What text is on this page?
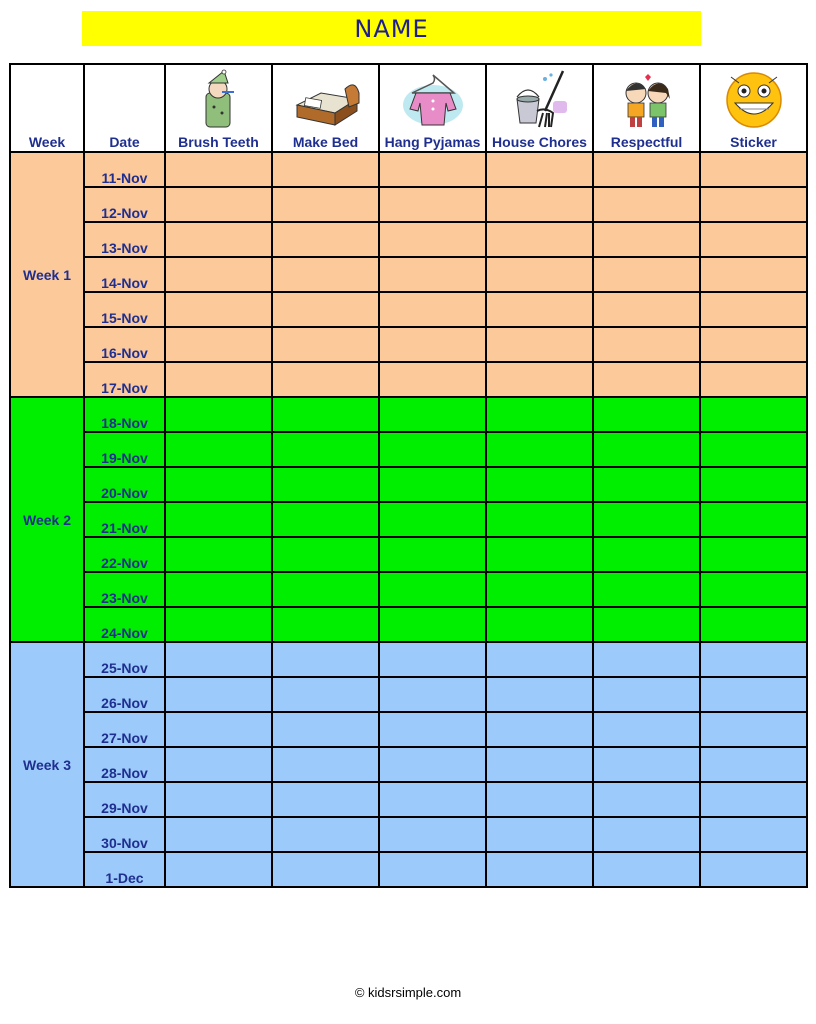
NAME
Week	Date	Brush Teeth	Make Bed	Hang Pyjamas	House Chores	Respectful	Sticker

Week 1	11-Nov						
	12-Nov						
	13-Nov						
	14-Nov						
	15-Nov						
	16-Nov						
	17-Nov						
Week 2	18-Nov						
	19-Nov						
	20-Nov						
	21-Nov						
	22-Nov						
	23-Nov						
	24-Nov						
Week 3	25-Nov						
	26-Nov						
	27-Nov						
	28-Nov						
	29-Nov						
	30-Nov						
	1-Dec						
© kidsrsimple.com
